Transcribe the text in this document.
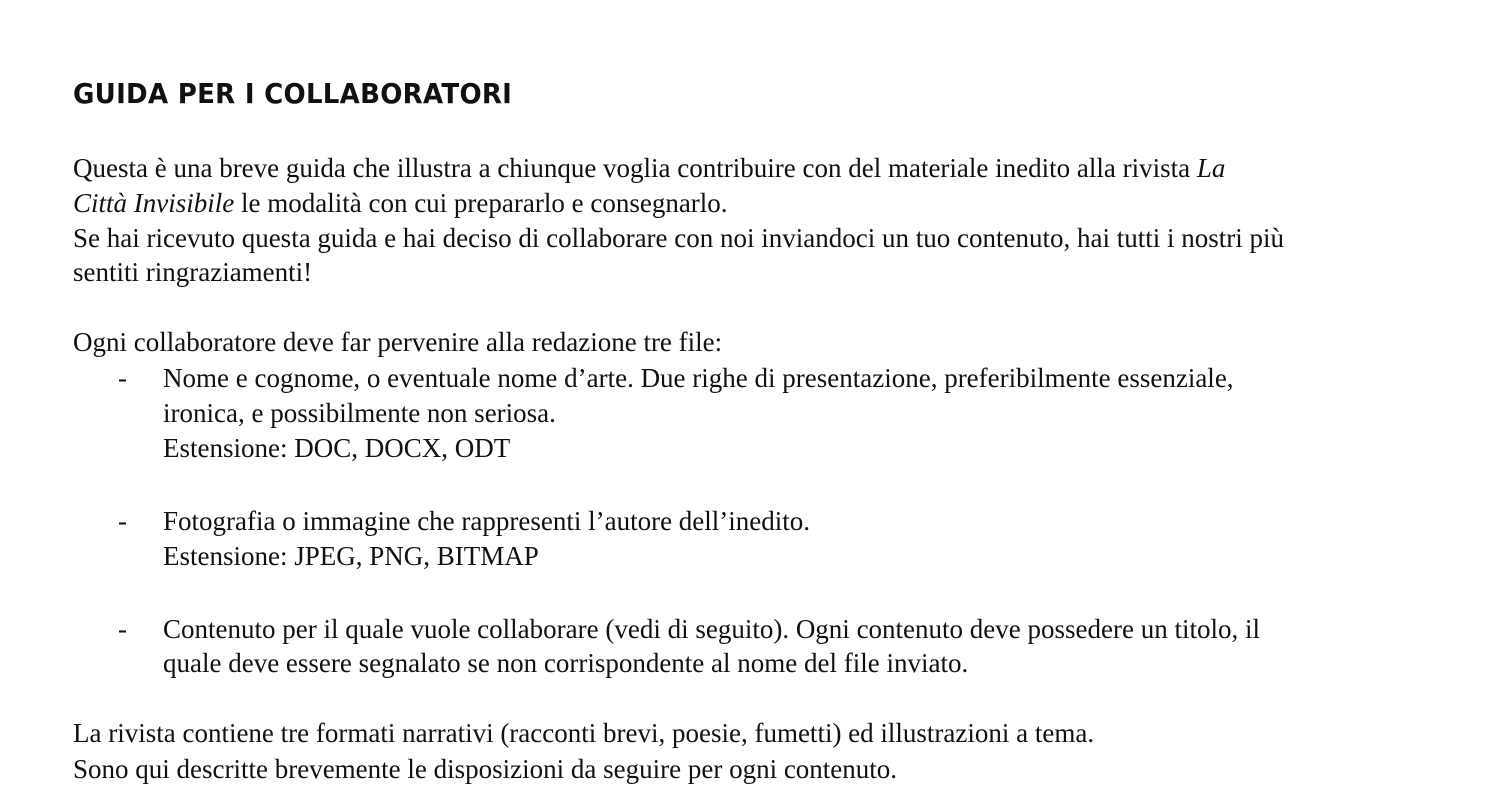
GUIDA PER I COLLABORATORI
Questa è una breve guida che illustra a chiunque voglia contribuire con del materiale inedito alla rivista La
Città Invisibile le modalità con cui prepararlo e consegnarlo.
Se hai ricevuto questa guida e hai deciso di collaborare con noi inviandoci un tuo contenuto, hai tutti i nostri più
sentiti ringraziamenti!
Ogni collaboratore deve far pervenire alla redazione tre file:
- Nome e cognome, o eventuale nome d’arte. Due righe di presentazione, preferibilmente essenziale,
ironica, e possibilmente non seriosa.
Estensione: DOC, DOCX, ODT
- Fotografia o immagine che rappresenti l’autore dell’inedito.
Estensione: JPEG, PNG, BITMAP
- Contenuto per il quale vuole collaborare (vedi di seguito). Ogni contenuto deve possedere un titolo, il
quale deve essere segnalato se non corrispondente al nome del file inviato.
La rivista contiene tre formati narrativi (racconti brevi, poesie, fumetti) ed illustrazioni a tema.
Sono qui descritte brevemente le disposizioni da seguire per ogni contenuto.
